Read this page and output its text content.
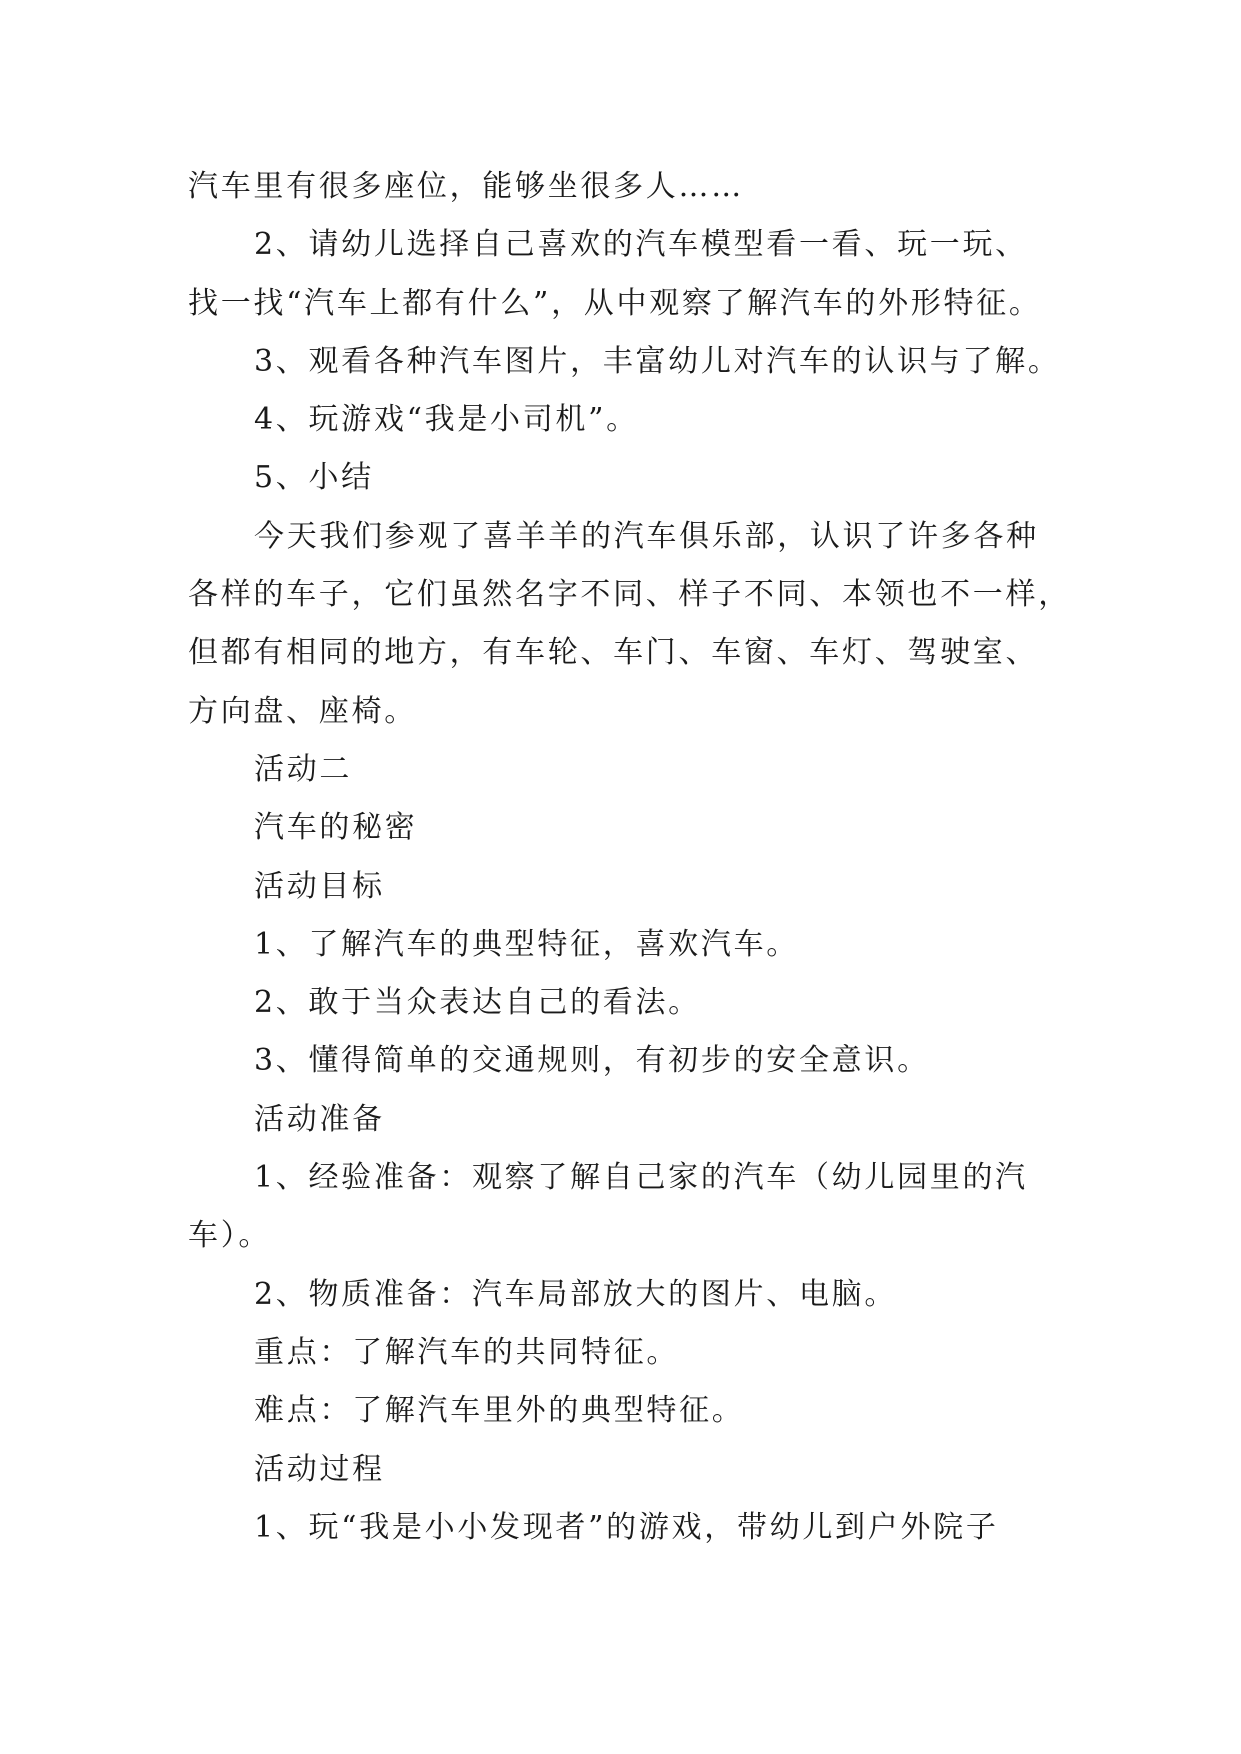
汽车里有很多座位，能够坐很多人……
2、请幼儿选择自己喜欢的汽车模型看一看、玩一玩、
找一找“汽车上都有什么”，从中观察了解汽车的外形特征。
3、观看各种汽车图片，丰富幼儿对汽车的认识与了解。
4、玩游戏“我是小司机”。
5、小结
今天我们参观了喜羊羊的汽车俱乐部，认识了许多各种
各样的车子，它们虽然名字不同、样子不同、本领也不一样，
但都有相同的地方，有车轮、车门、车窗、车灯、驾驶室、
方向盘、座椅。
活动二
汽车的秘密
活动目标
1、了解汽车的典型特征，喜欢汽车。
2、敢于当众表达自己的看法。
3、懂得简单的交通规则，有初步的安全意识。
活动准备
1、经验准备：观察了解自己家的汽车（幼儿园里的汽
车）。
2、物质准备：汽车局部放大的图片、电脑。
重点：了解汽车的共同特征。
难点：了解汽车里外的典型特征。
活动过程
1、玩“我是小小发现者”的游戏，带幼儿到户外院子
